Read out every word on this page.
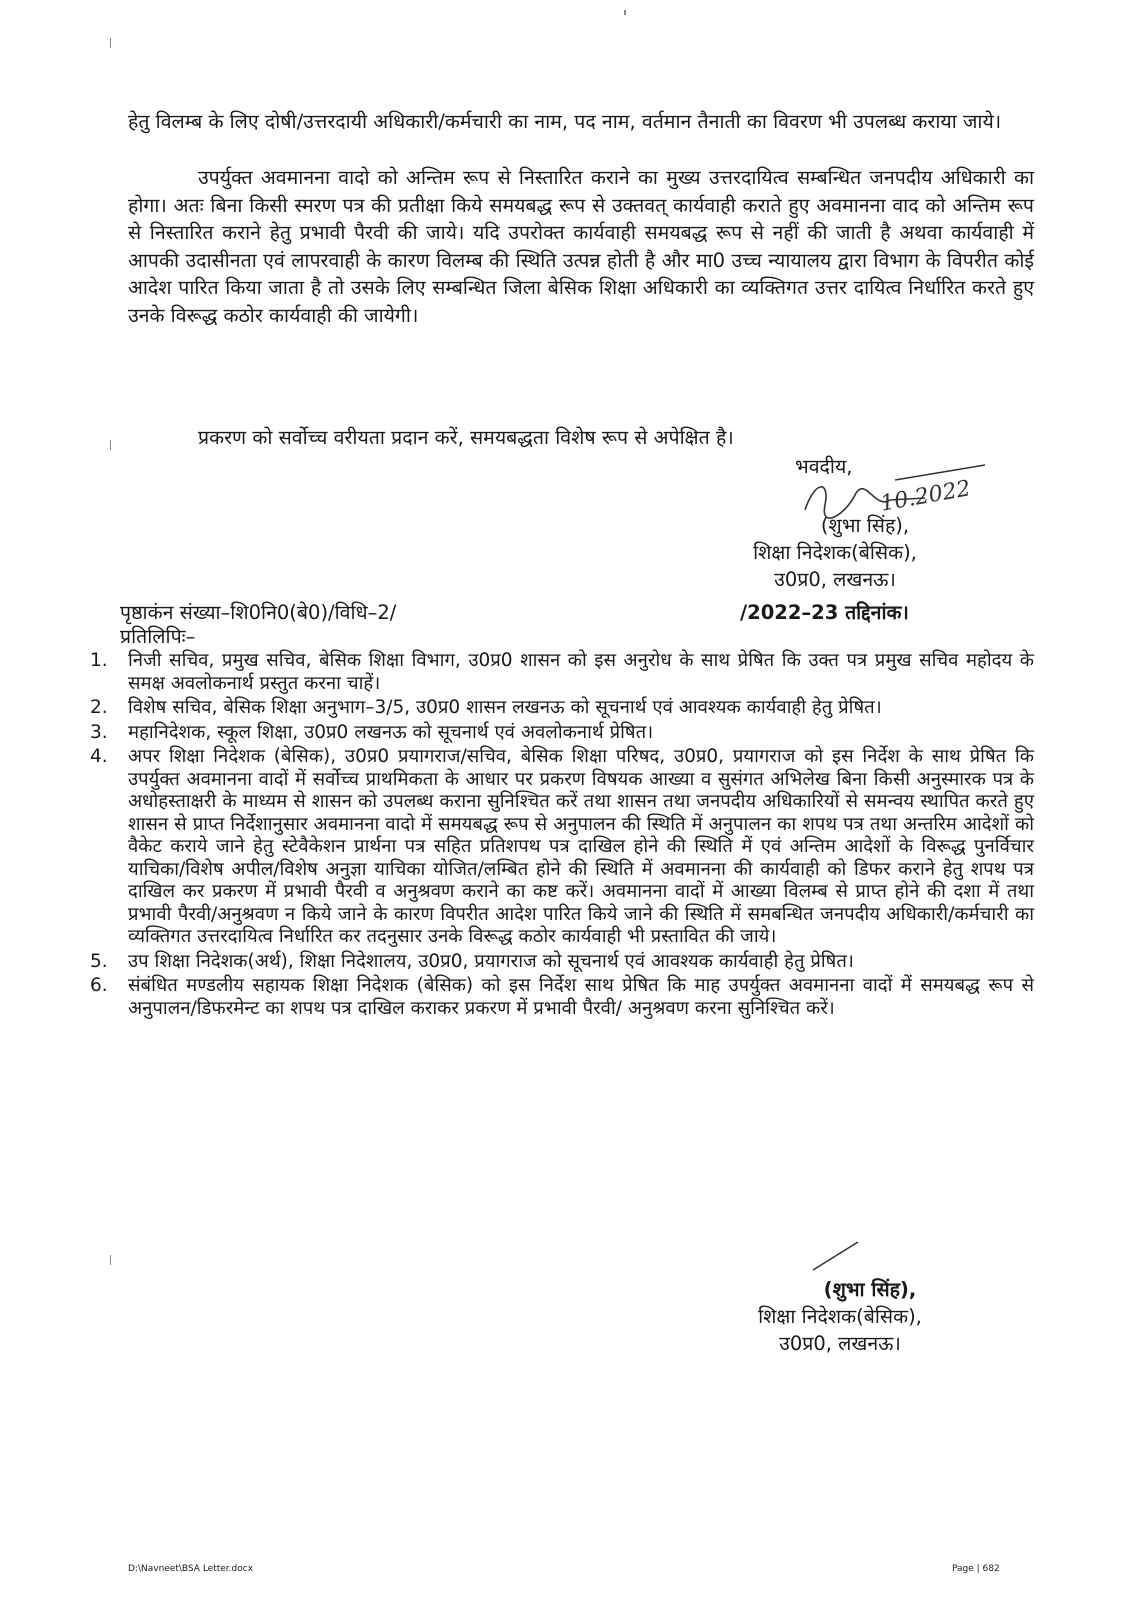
हेतु विलम्ब के लिए दोषी/उत्तरदायी अधिकारी/कर्मचारी का नाम, पद नाम, वर्तमान तैनाती का विवरण भी उपलब्ध कराया जाये।

उपर्युक्त अवमानना वादो को अन्तिम रूप से निस्तारित कराने का मुख्य उत्तरदायित्व सम्बन्धित जनपदीय अधिकारी का होगा। अतः बिना किसी स्मरण पत्र की प्रतीक्षा किये समयबद्ध रूप से उक्तवत् कार्यवाही कराते हुए अवमानना वाद को अन्तिम रूप से निस्तारित कराने हेतु प्रभावी पैरवी की जाये। यदि उपरोक्त कार्यवाही समयबद्ध रूप से नहीं की जाती है अथवा कार्यवाही में आपकी उदासीनता एवं लापरवाही के कारण विलम्ब की स्थिति उत्पन्न होती है और मा0 उच्च न्यायालय द्वारा विभाग के विपरीत कोई आदेश पारित किया जाता है तो उसके लिए सम्बन्धित जिला बेसिक शिक्षा अधिकारी का व्यक्तिगत उत्तर दायित्व निर्धारित करते हुए उनके विरूद्ध कठोर कार्यवाही की जायेगी।

प्रकरण को सर्वोच्च वरीयता प्रदान करें, समयबद्धता विशेष रूप से अपेक्षित है।

10.2022
भवदीय,
(शुभा सिंह),
शिक्षा निदेशक(बेसिक),
उ0प्र0, लखनऊ।
पृष्ठाकंन संख्या–शि0नि0(बे0)/विधि–2/	/2022–23 तद्दिनांक।
प्रतिलिपिः–
1.	निजी सचिव, प्रमुख सचिव, बेसिक शिक्षा विभाग, उ0प्र0 शासन को इस अनुरोध के साथ प्रेषित कि उक्त पत्र प्रमुख सचिव महोदय के समक्ष अवलोकनार्थ प्रस्तुत करना चाहें।
2.	विशेष सचिव, बेसिक शिक्षा अनुभाग–3/5, उ0प्र0 शासन लखनऊ को सूचनार्थ एवं आवश्यक कार्यवाही हेतु प्रेषित।
3.	महानिदेशक, स्कूल शिक्षा, उ0प्र0 लखनऊ को सूचनार्थ एवं अवलोकनार्थ प्रेषित।
4.	अपर शिक्षा निदेशक (बेसिक), उ0प्र0 प्रयागराज/सचिव, बेसिक शिक्षा परिषद, उ0प्र0, प्रयागराज को इस निर्देश के साथ प्रेषित कि उपर्युक्त अवमानना वादों में सर्वोच्च प्राथमिकता के आधार पर प्रकरण विषयक आख्या व सुसंगत अभिलेख बिना किसी अनुस्मारक पत्र के अधोहस्ताक्षरी के माध्यम से शासन को उपलब्ध कराना सुनिश्चित करें तथा शासन तथा जनपदीय अधिकारियों से समन्वय स्थापित करते हुए शासन से प्राप्त निर्देशानुसार अवमानना वादो में समयबद्ध रूप से अनुपालन की स्थिति में अनुपालन का शपथ पत्र तथा अन्तरिम आदेशों को वैकेट कराये जाने हेतु स्टेवैकेशन प्रार्थना पत्र सहित प्रतिशपथ पत्र दाखिल होने की स्थिति में एवं अन्तिम आदेशों के विरूद्ध पुनर्विचार याचिका/विशेष अपील/विशेष अनुज्ञा याचिका योजित/लम्बित होने की स्थिति में अवमानना की कार्यवाही को डिफर कराने हेतु शपथ पत्र दाखिल कर प्रकरण में प्रभावी पैरवी व अनुश्रवण कराने का कष्ट करें। अवमानना वादों में आख्या विलम्ब से प्राप्त होने की दशा में तथा प्रभावी पैरवी/अनुश्रवण न किये जाने के कारण विपरीत आदेश पारित किये जाने की स्थिति में समबन्धित जनपदीय अधिकारी/कर्मचारी का व्यक्तिगत उत्तरदायित्व निर्धारित कर तदनुसार उनके विरूद्ध कठोर कार्यवाही भी प्रस्तावित की जाये।
5.	उप शिक्षा निदेशक(अर्थ), शिक्षा निदेशालय, उ0प्र0, प्रयागराज को सूचनार्थ एवं आवश्यक कार्यवाही हेतु प्रेषित।
6.	संबंधित मण्डलीय सहायक शिक्षा निदेशक (बेसिक) को इस निर्देश साथ प्रेषित कि माह उपर्युक्त अवमानना वादों में समयबद्ध रूप से अनुपालन/डिफरमेन्ट का शपथ पत्र दाखिल कराकर प्रकरण में प्रभावी पैरवी/ अनुश्रवण करना सुनिश्चित करें।
(शुभा सिंह),
शिक्षा निदेशक(बेसिक),
उ0प्र0, लखनऊ।
D:\Navneet\BSA Letter.docx	Page | 682
